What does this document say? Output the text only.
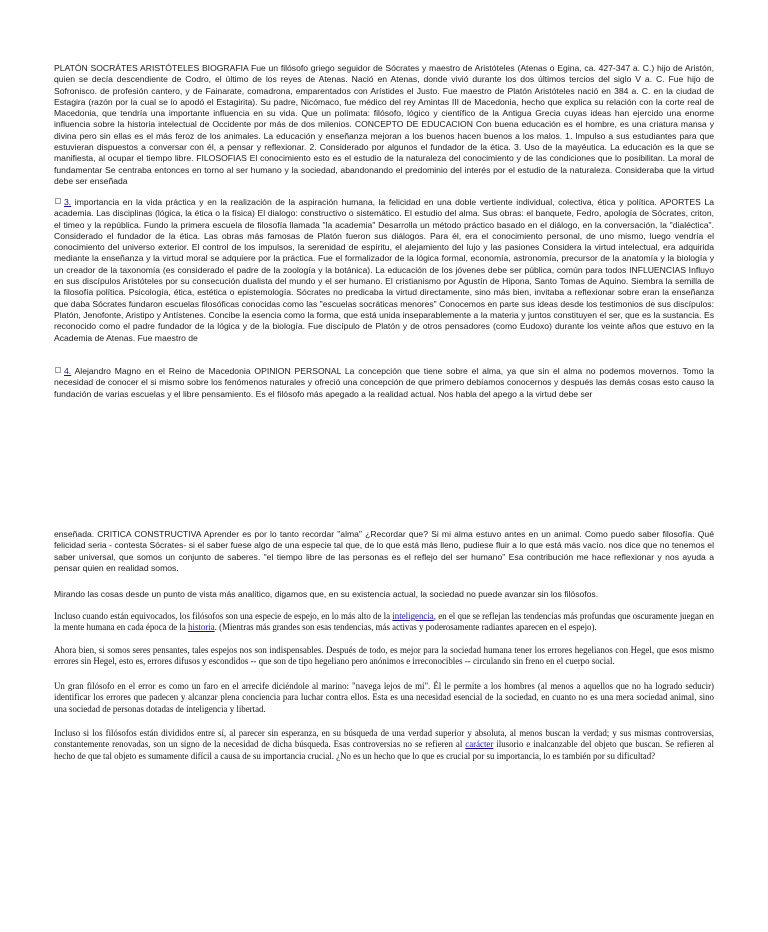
PLATÓN SOCRÁTES ARISTÓTELES BIOGRAFIA Fue un filósofo griego seguidor de Sócrates y maestro de Aristóteles (Atenas o Egina, ca. 427-347 a. C.) hijo de Aristón, quien se decía descendiente de Codro, el último de los reyes de Atenas. Nació en Atenas, donde vivió durante los dos últimos tercios del siglo V a. C. Fue hijo de Sofronisco. de profesión cantero, y de Fainarate, comadrona, emparentados con Arístides el Justo. Fue maestro de Platón Aristóteles nació en 384 a. C. en la ciudad de Estagira (razón por la cual se lo apodó el Estagirita). Su padre, Nicómaco, fue médico del rey Amintas III de Macedonia, hecho que explica su relación con la corte real de Macedonia, que tendría una importante influencia en su vida. Que un polímata: filósofo, lógico y científico de la Antigua Grecia cuyas ideas han ejercido una enorme influencia sobre la historia intelectual de Occidente por más de dos milenios. CONCEPTO DE EDUCACION Con buena educación es el hombre, es una criatura mansa y divina pero sin ellas es el más feroz de los animales. La educación y enseñanza mejoran a los buenos hacen buenos a los malos. 1. Impulso a sus estudiantes para que estuvieran dispuestos a conversar con él, a pensar y reflexionar. 2. Considerado por algunos el fundador de la ética. 3. Uso de la mayéutica. La educación es la que se manifiesta, al ocupar el tiempo libre. FILOSOFIAS El conocimiento esto es el estudio de la naturaleza del conocimiento y de las condiciones que lo posibilitan. La moral de fundamentar Se centraba entonces en torno al ser humano y la sociedad, abandonando el predominio del interés por el estudio de la naturaleza. Consideraba que la virtud debe ser enseñada

3. importancia en la vida práctica y en la realización de la aspiración humana, la felicidad en una doble vertiente individual, colectiva, ética y política. APORTES La academia. Las disciplinas (lógica, la ética o la física) El dialogo: constructivo o sistemático. El estudio del alma. Sus obras: el banquete, Fedro, apología de Sócrates, criton, el timeo y la república. Fundo la primera escuela de filosofía llamada "la academia" Desarrolla un método práctico basado en el diálogo, en la conversación, la "dialéctica". Considerado el fundador de la ética. Las obras más famosas de Platón fueron sus diálogos. Para él, era el conocimiento personal, de uno mismo, luego vendría el conocimiento del universo exterior. El control de los impulsos, la serenidad de espíritu, el alejamiento del lujo y las pasiones Considera la virtud intelectual, era adquirida mediante la enseñanza y la virtud moral se adquiere por la práctica. Fue el formalizador de la lógica formal, economía, astronomía, precursor de la anatomía y la biología y un creador de la taxonomía (es considerado el padre de la zoología y la botánica). La educación de los jóvenes debe ser pública, común para todos INFLUENCIAS Influyo en sus discípulos Aristóteles por su consecución dualista del mundo y el ser humano. El cristianismo por Agustín de Hipona, Santo Tomas de Aquino. Siembra la semilla de la filosofía política. Psicología, ética, estética o epistemología. Sócrates no predicaba la virtud directamente, sino más bien, invitaba a reflexionar sobre eran la enseñanza que daba Sócrates fundaron escuelas filosóficas conocidas como las "escuelas socráticas menores" Conocemos en parte sus ideas desde los testimonios de sus discípulos: Platón, Jenofonte, Aristipo y Antístenes. Concibe la esencia como la forma, que está unida inseparablemente a la materia y juntos constituyen el ser, que es la sustancia. Es reconocido como el padre fundador de la lógica y de la biología. Fue discípulo de Platón y de otros pensadores (como Eudoxo) durante los veinte años que estuvo en la Academia de Atenas. Fue maestro de

4. Alejandro Magno en el Reino de Macedonia OPINION PERSONAL La concepción que tiene sobre el alma, ya que sin el alma no podemos movernos. Tomo la necesidad de conocer el si mismo sobre los fenómenos naturales y ofreció una concepción de que primero debíamos conocernos y después las demás cosas esto causo la fundación de varias escuelas y el libre pensamiento. Es el filósofo más apegado a la realidad actual. Nos habla del apego a la virtud debe ser

enseñada. CRITICA CONSTRUCTIVA Aprender es por lo tanto recordar "alma" ¿Recordar que? Si mi alma estuvo antes en un animal. Como puedo saber filosofía. Qué felicidad seria - contesta Sócrates- si el saber fuese algo de una especie tal que, de lo que está más lleno, pudiese fluir a lo que está más vacío. nos dice que no tenemos el saber universal, que somos un conjunto de saberes. "el tiempo libre de las personas es el reflejo del ser humano" Esa contribución me hace reflexionar y nos ayuda a pensar quien en realidad somos.

Mirando las cosas desde un punto de vista más analítico, digamos que, en su existencia actual, la sociedad no puede avanzar sin los filósofos.

Incluso cuando están equivocados, los filósofos son una especie de espejo, en lo más alto de la inteligencia, en el que se reflejan las tendencias más profundas que oscuramente juegan en la mente humana en cada época de la historia. (Mientras más grandes son esas tendencias, más activas y poderosamente radiantes aparecen en el espejo).

Ahora bien, si somos seres pensantes, tales espejos nos son indispensables. Después de todo, es mejor para la sociedad humana tener los errores hegelianos con Hegel, que esos mismo errores sin Hegel, esto es, errores difusos y escondidos -- que son de tipo hegeliano pero anónimos e irreconocibles -- circulando sin freno en el cuerpo social.

Un gran filósofo en el error es como un faro en el arrecife diciéndole al marino: "navega lejos de mí". Él le permite a los hombres (al menos a aquellos que no ha logrado seducir) identificar los errores que padecen y alcanzar plena conciencia para luchar contra ellos. Esta es una necesidad esencial de la sociedad, en cuanto no es una mera sociedad animal, sino una sociedad de personas dotadas de inteligencia y libertad.

Incluso si los filósofos están divididos entre sí, al parecer sin esperanza, en su búsqueda de una verdad superior y absoluta, al menos buscan la verdad; y sus mismas controversias, constantemente renovadas, son un signo de la necesidad de dicha búsqueda. Esas controversias no se refieren al carácter ilusorio e inalcanzable del objeto que buscan. Se refieren al hecho de que tal objeto es sumamente difícil a causa de su importancia crucial. ¿No es un hecho que lo que es crucial por su importancia, lo es también por su dificultad?
